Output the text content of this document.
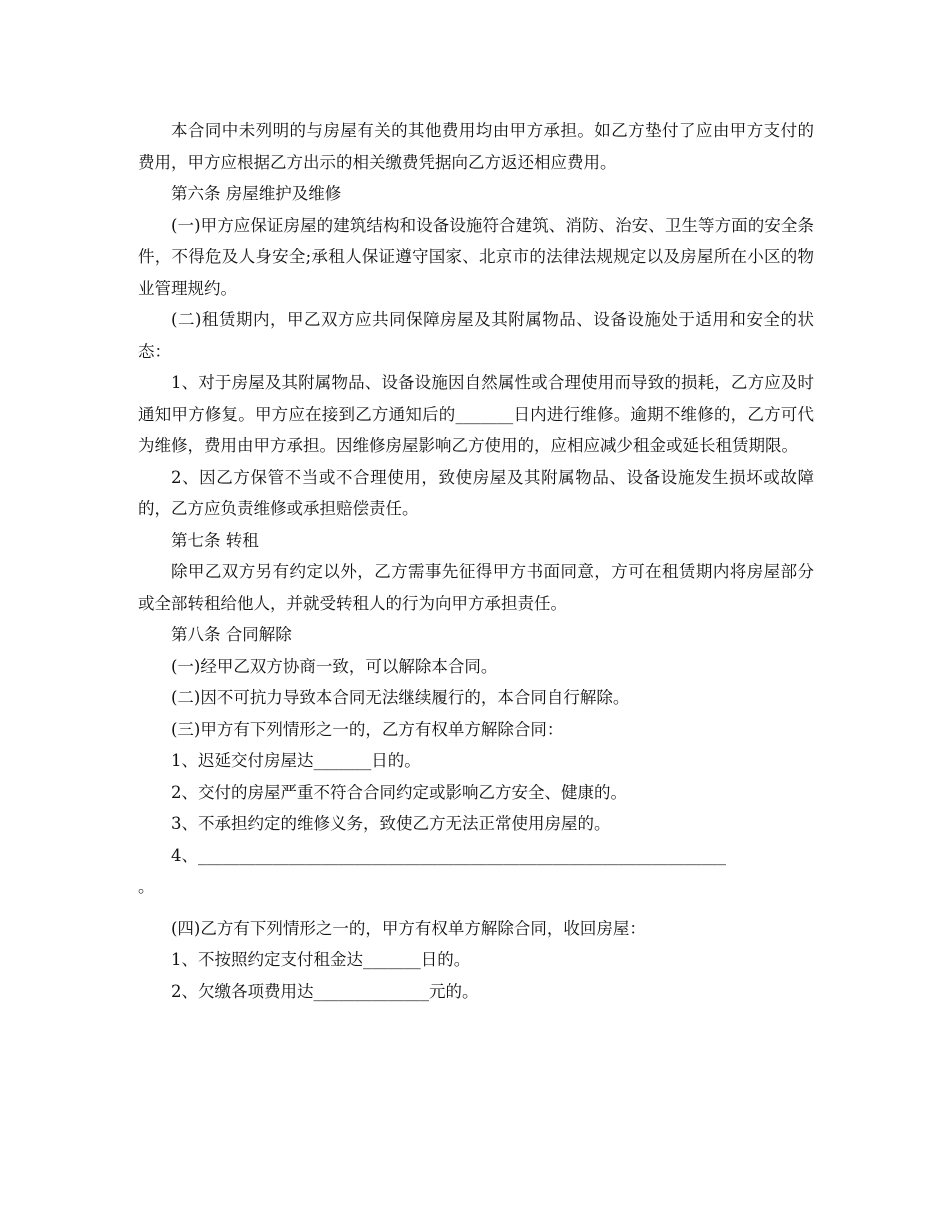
本合同中未列明的与房屋有关的其他费用均由甲方承担。如乙方垫付了应由甲方支付的费用，甲方应根据乙方出示的相关缴费凭据向乙方返还相应费用。

第六条 房屋维护及维修

(一)甲方应保证房屋的建筑结构和设备设施符合建筑、消防、治安、卫生等方面的安全条件，不得危及人身安全;承租人保证遵守国家、北京市的法律法规规定以及房屋所在小区的物业管理规约。

(二)租赁期内，甲乙双方应共同保障房屋及其附属物品、设备设施处于适用和安全的状态：

1、对于房屋及其附属物品、设备设施因自然属性或合理使用而导致的损耗，乙方应及时通知甲方修复。甲方应在接到乙方通知后的_______日内进行维修。逾期不维修的，乙方可代为维修，费用由甲方承担。因维修房屋影响乙方使用的，应相应减少租金或延长租赁期限。

2、因乙方保管不当或不合理使用，致使房屋及其附属物品、设备设施发生损坏或故障的，乙方应负责维修或承担赔偿责任。

第七条 转租

除甲乙双方另有约定以外，乙方需事先征得甲方书面同意，方可在租赁期内将房屋部分或全部转租给他人，并就受转租人的行为向甲方承担责任。

第八条 合同解除

(一)经甲乙双方协商一致，可以解除本合同。

(二)因不可抗力导致本合同无法继续履行的，本合同自行解除。

(三)甲方有下列情形之一的，乙方有权单方解除合同：

1、迟延交付房屋达_______日的。

2、交付的房屋严重不符合合同约定或影响乙方安全、健康的。

3、不承担约定的维修义务，致使乙方无法正常使用房屋的。

4、________________________________________________________________

。

(四)乙方有下列情形之一的，甲方有权单方解除合同，收回房屋：

1、不按照约定支付租金达_______日的。

2、欠缴各项费用达______________元的。
